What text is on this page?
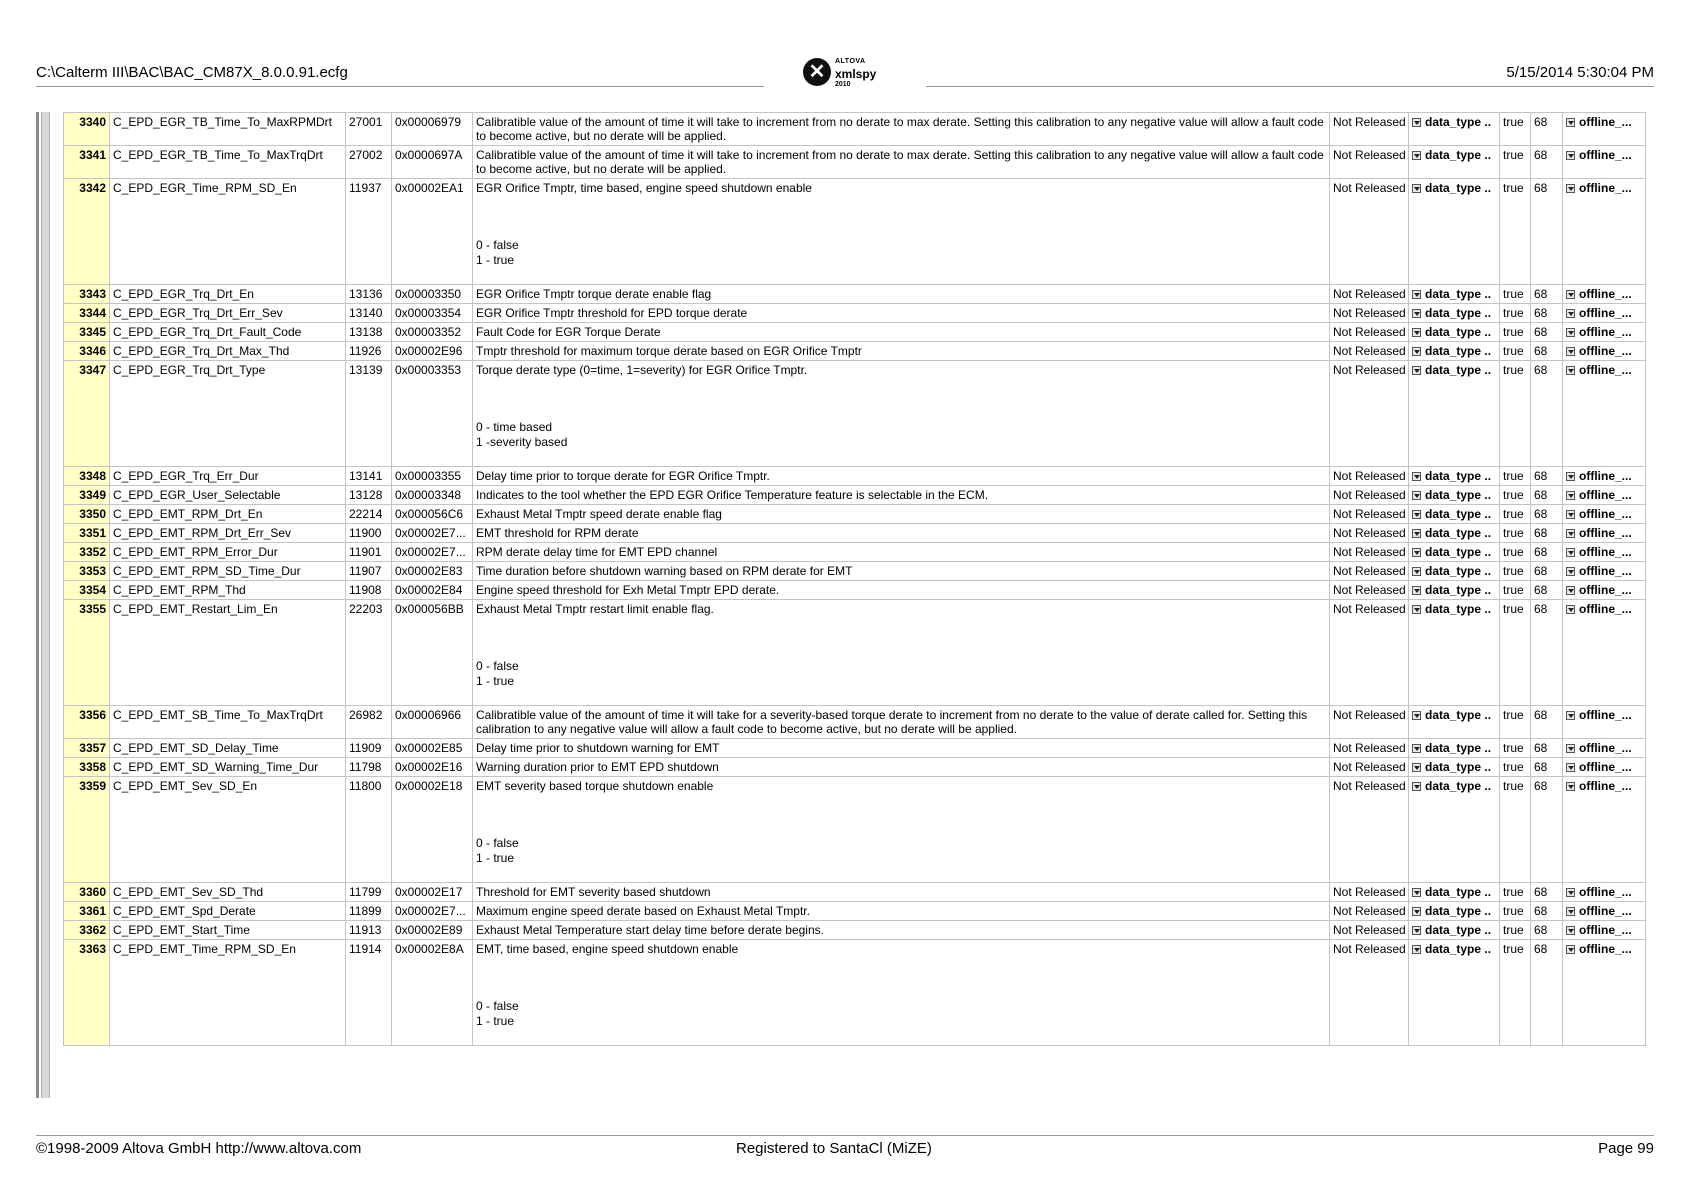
C:\Calterm III\BAC\BAC_CM87X_8.0.0.91.ecfg	✕	ALTOVA
xmlspy
2010
5/15/2014 5:30:04 PM
3340	C_EPD_EGR_TB_Time_To_MaxRPMDrt	27001	0x00006979	Calibratible value of the amount of time it will take to increment from no derate to max derate. Setting this calibration to any negative value will allow a fault code to become active, but no derate will be applied.	Not Released	data_type ..	true	68	offline_...
3341	C_EPD_EGR_TB_Time_To_MaxTrqDrt	27002	0x0000697A	Calibratible value of the amount of time it will take to increment from no derate to max derate. Setting this calibration to any negative value will allow a fault code to become active, but no derate will be applied.	Not Released	data_type ..	true	68	offline_...
3342	C_EPD_EGR_Time_RPM_SD_En	11937	0x00002EA1	EGR Orifice Tmptr, time based, engine speed shutdown enable
0 - false
1 - true	Not Released	data_type ..	true	68	offline_...
3343	C_EPD_EGR_Trq_Drt_En	13136	0x00003350	EGR Orifice Tmptr torque derate enable flag	Not Released	data_type ..	true	68	offline_...
3344	C_EPD_EGR_Trq_Drt_Err_Sev	13140	0x00003354	EGR Orifice Tmptr threshold for EPD torque derate	Not Released	data_type ..	true	68	offline_...
3345	C_EPD_EGR_Trq_Drt_Fault_Code	13138	0x00003352	Fault Code for EGR Torque Derate	Not Released	data_type ..	true	68	offline_...
3346	C_EPD_EGR_Trq_Drt_Max_Thd	11926	0x00002E96	Tmptr threshold for maximum torque derate based on EGR Orifice Tmptr	Not Released	data_type ..	true	68	offline_...
3347	C_EPD_EGR_Trq_Drt_Type	13139	0x00003353	Torque derate type (0=time, 1=severity) for EGR Orifice Tmptr.
0 - time based
1 -severity based	Not Released	data_type ..	true	68	offline_...
3348	C_EPD_EGR_Trq_Err_Dur	13141	0x00003355	Delay time prior to torque derate for EGR Orifice Tmptr.	Not Released	data_type ..	true	68	offline_...
3349	C_EPD_EGR_User_Selectable	13128	0x00003348	Indicates to the tool whether the EPD EGR Orifice Temperature feature is selectable in the ECM.	Not Released	data_type ..	true	68	offline_...
3350	C_EPD_EMT_RPM_Drt_En	22214	0x000056C6	Exhaust Metal Tmptr speed derate enable flag	Not Released	data_type ..	true	68	offline_...
3351	C_EPD_EMT_RPM_Drt_Err_Sev	11900	0x00002E7...	EMT threshold for RPM derate	Not Released	data_type ..	true	68	offline_...
3352	C_EPD_EMT_RPM_Error_Dur	11901	0x00002E7...	RPM derate delay time for EMT EPD channel	Not Released	data_type ..	true	68	offline_...
3353	C_EPD_EMT_RPM_SD_Time_Dur	11907	0x00002E83	Time duration before shutdown warning based on RPM derate for EMT	Not Released	data_type ..	true	68	offline_...
3354	C_EPD_EMT_RPM_Thd	11908	0x00002E84	Engine speed threshold for Exh Metal Tmptr EPD derate.	Not Released	data_type ..	true	68	offline_...
3355	C_EPD_EMT_Restart_Lim_En	22203	0x000056BB	Exhaust Metal Tmptr restart limit enable flag.
0 - false
1 - true	Not Released	data_type ..	true	68	offline_...
3356	C_EPD_EMT_SB_Time_To_MaxTrqDrt	26982	0x00006966	Calibratible value of the amount of time it will take for a severity-based torque derate to increment from no derate to the value of derate called for. Setting this calibration to any negative value will allow a fault code to become active, but no derate will be applied.	Not Released	data_type ..	true	68	offline_...
3357	C_EPD_EMT_SD_Delay_Time	11909	0x00002E85	Delay time prior to shutdown warning for EMT	Not Released	data_type ..	true	68	offline_...
3358	C_EPD_EMT_SD_Warning_Time_Dur	11798	0x00002E16	Warning duration prior to EMT EPD shutdown	Not Released	data_type ..	true	68	offline_...
3359	C_EPD_EMT_Sev_SD_En	11800	0x00002E18	EMT severity based torque shutdown enable
0 - false
1 - true	Not Released	data_type ..	true	68	offline_...
3360	C_EPD_EMT_Sev_SD_Thd	11799	0x00002E17	Threshold for EMT severity based shutdown	Not Released	data_type ..	true	68	offline_...
3361	C_EPD_EMT_Spd_Derate	11899	0x00002E7...	Maximum engine speed derate based on Exhaust Metal Tmptr.	Not Released	data_type ..	true	68	offline_...
3362	C_EPD_EMT_Start_Time	11913	0x00002E89	Exhaust Metal Temperature start delay time before derate begins.	Not Released	data_type ..	true	68	offline_...
3363	C_EPD_EMT_Time_RPM_SD_En	11914	0x00002E8A	EMT, time based, engine speed shutdown enable
0 - false
1 - true	Not Released	data_type ..	true	68	offline_...
©1998-2009 Altova GmbH http://www.altova.com	Registered to SantaCl (MiZE)	Page 99
